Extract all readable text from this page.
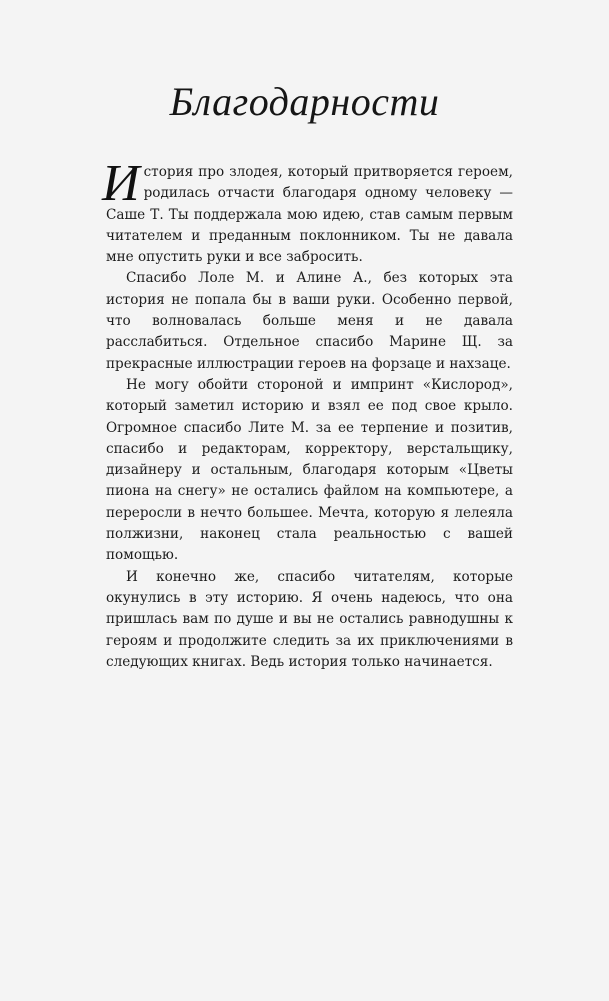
Благодарности

История про злодея, который притворяется героем, родилась отчасти благодаря одному человеку — Саше Т. Ты поддержала мою идею, став самым первым читателем и преданным поклонником. Ты не давала мне опустить руки и все забросить.

Спасибо Лоле М. и Алине А., без которых эта история не попала бы в ваши руки. Особенно первой, что волновалась больше меня и не давала расслабиться. Отдельное спасибо Марине Щ. за прекрасные иллюстрации героев на форзаце и нахзаце.

Не могу обойти стороной и импринт «Кислород», который заметил историю и взял ее под свое крыло. Огромное спасибо Лите М. за ее терпение и позитив, спасибо и редакторам, корректору, верстальщику, дизайнеру и остальным, благодаря которым «Цветы пиона на снегу» не остались файлом на компьютере, а переросли в нечто большее. Мечта, которую я лелеяла полжизни, наконец стала реальностью с вашей помощью.

И конечно же, спасибо читателям, которые окунулись в эту историю. Я очень надеюсь, что она пришлась вам по душе и вы не остались равнодушны к героям и продолжите следить за их приключениями в следующих книгах. Ведь история только начинается.
